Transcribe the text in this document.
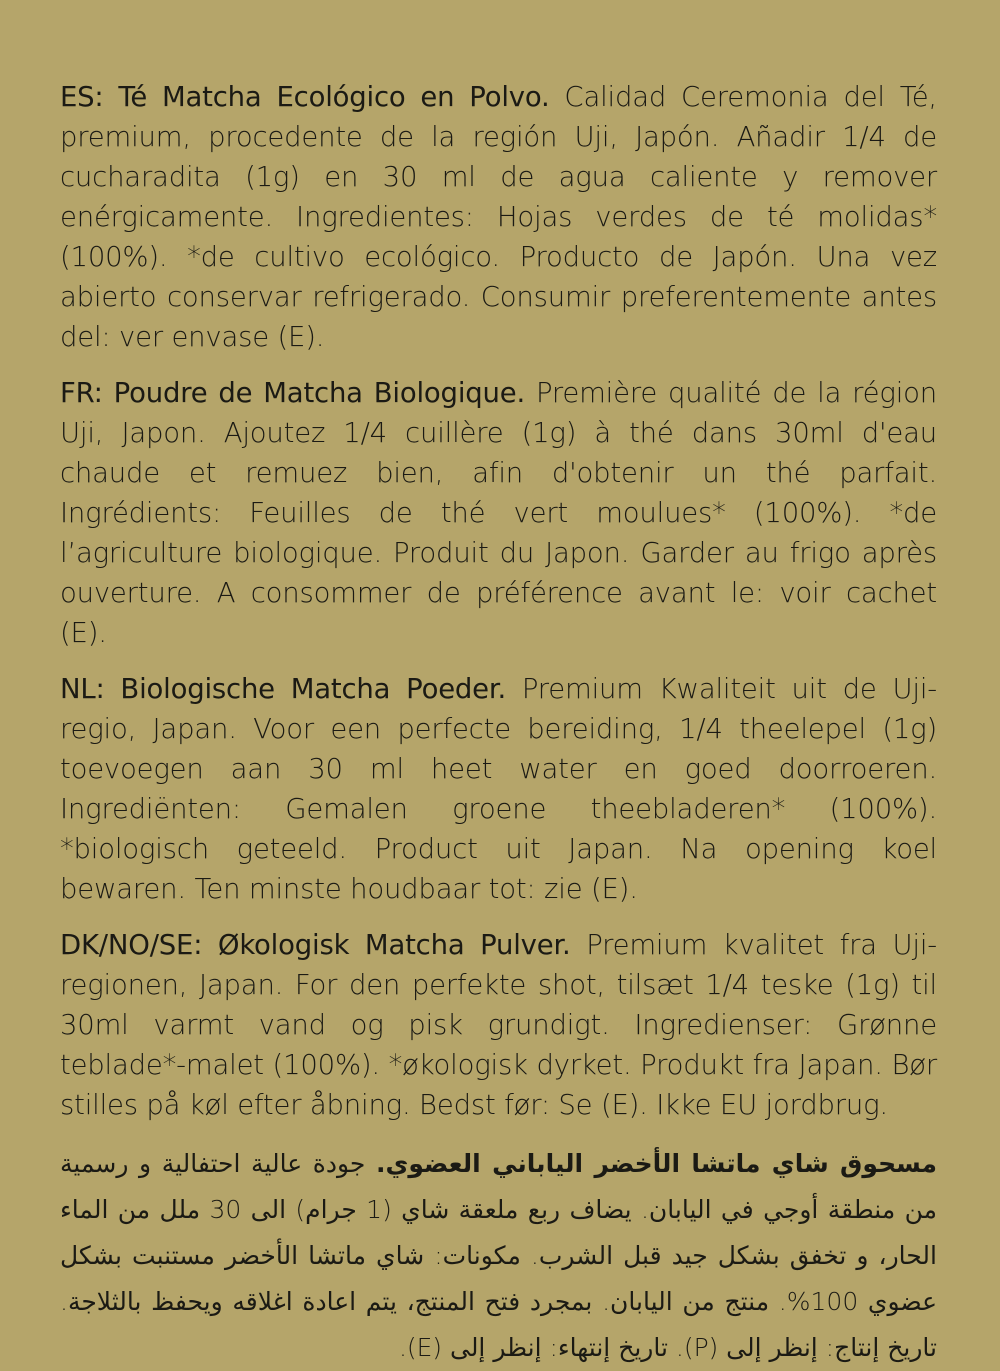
ES: Té Matcha Ecológico en Polvo. Calidad Ceremonia del Té, premium, procedente de la región Uji, Japón. Añadir 1/4 de cucharadita (1g) en 30 ml de agua caliente y remover enérgicamente. Ingredientes: Hojas verdes de té molidas* (100%). *de cultivo ecológico. Producto de Japón. Una vez abierto conservar refrigerado. Consumir preferentemente antes del: ver envase (E).

FR: Poudre de Matcha Biologique. Première qualité de la région Uji, Japon. Ajoutez 1/4 cuillère (1g) à thé dans 30ml d'eau chaude et remuez bien, afin d'obtenir un thé parfait. Ingrédients: Feuilles de thé vert moulues* (100%). *de l’agriculture biologique. Produit du Japon. Garder au frigo après ouverture. A consommer de préférence avant le: voir cachet (E).

NL: Biologische Matcha Poeder. Premium Kwaliteit uit de Uji-regio, Japan. Voor een perfecte bereiding, 1/4 theelepel (1g) toevoegen aan 30 ml heet water en goed doorroeren. Ingrediënten: Gemalen groene theebladeren* (100%). *biologisch geteeld. Product uit Japan. Na opening koel bewaren. Ten minste houdbaar tot: zie (E).

DK/NO/SE: Økologisk Matcha Pulver. Premium kvalitet fra Uji-regionen, Japan. For den perfekte shot, tilsæt 1/4 teske (1g) til 30ml varmt vand og pisk grundigt. Ingredienser: Grønne teblade*-malet (100%). *økologisk dyrket. Produkt fra Japan. Bør stilles på køl efter åbning. Bedst før: Se (E). Ikke EU jordbrug.

مسحوق شاي ماتشا الأخضر الياباني العضوي. جودة عالية احتفالية و رسمية من منطقة أوجي في اليابان. يضاف ربع ملعقة شاي (1 جرام) الى 30 ملل من الماء الحار، و تخفق بشكل جيد قبل الشرب. مكونات: شاي ماتشا الأخضر مستنبت بشكل عضوي 100%. منتج من اليابان. بمجرد فتح المنتج، يتم اعادة اغلاقه ويحفظ بالثلاجة. تاريخ إنتاج: إنظر إلى (P). تاريخ إنتهاء: إنظر إلى (E).
